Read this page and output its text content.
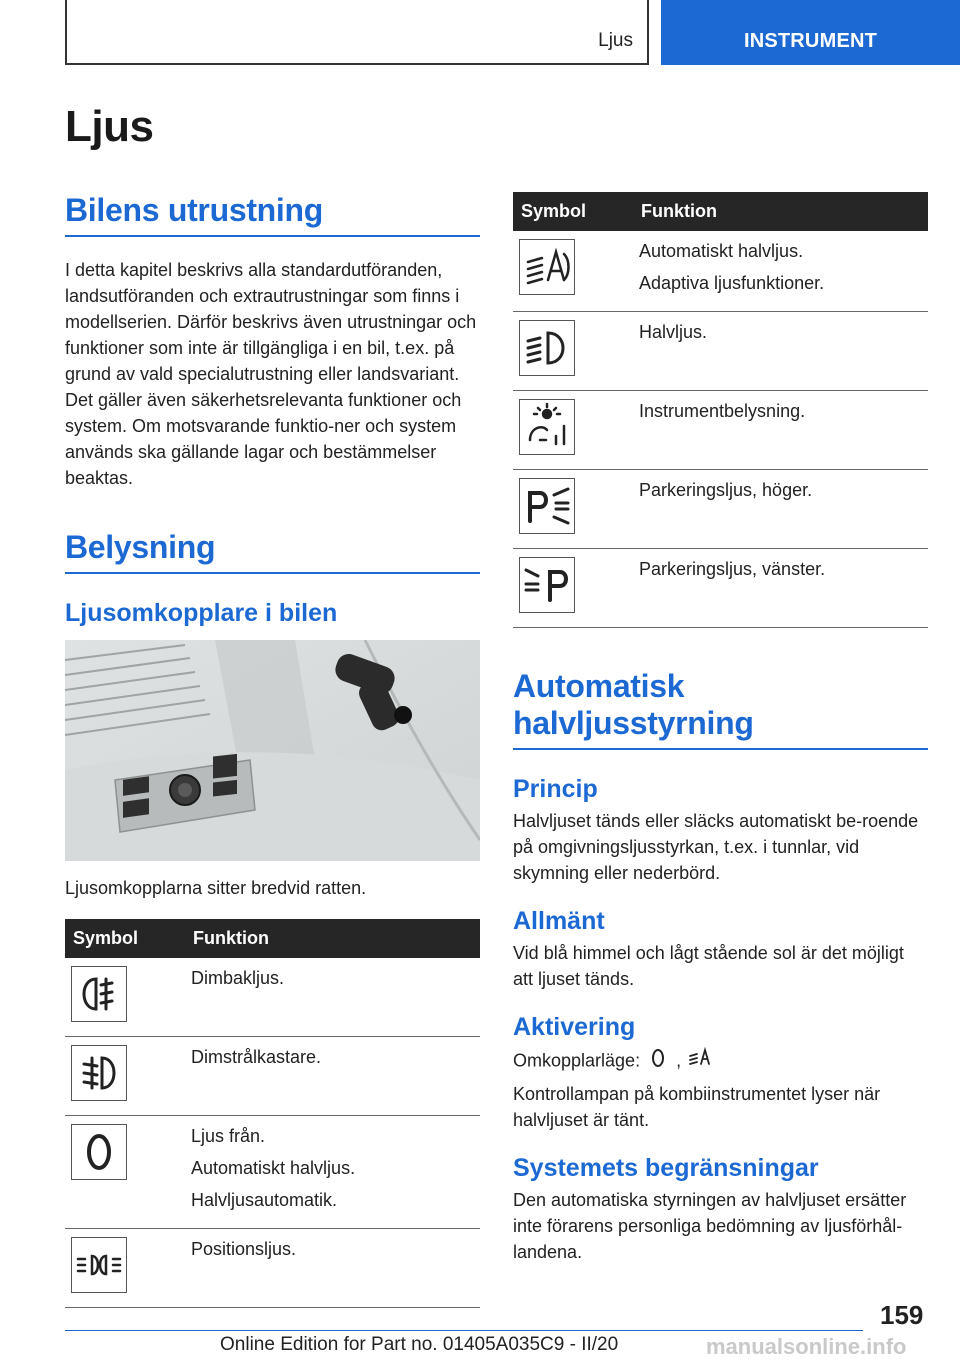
Ljus	INSTRUMENT
Ljus
Bilens utrustning

I detta kapitel beskrivs alla standardutföranden, landsutföranden och extrautrustningar som finns i modellserien. Därför beskrivs även utrustningar och funktioner som inte är tillgängliga i en bil, t.ex. på grund av vald specialutrustning eller landsvariant. Det gäller även säkerhetsrelevanta funktioner och system. Om motsvarande funktio-ner och system används ska gällande lagar och bestämmelser beaktas.

Belysning
Ljusomkopplare i bilen

Ljusomkopplarna sitter bredvid ratten.

Symbol	Funktion

Dimbakljus.

Dimstrålkastare.

Ljus från.
Automatiskt halvljus.
Halvljusautomatik.

Positionsljus.
Symbol	Funktion

Automatiskt halvljus.
Adaptiva ljusfunktioner.

Halvljus.

Instrumentbelysning.

Parkeringsljus, höger.

Parkeringsljus, vänster.
Automatisk halvljusstyrning
Princip

Halvljuset tänds eller släcks automatiskt be-roende på omgivningsljusstyrkan, t.ex. i tunnlar, vid skymning eller nederbörd.

Allmänt

Vid blå himmel och lågt stående sol är det möjligt att ljuset tänds.

Aktivering

Omkopplarläge: ,

Kontrollampan på kombiinstrumentet lyser när halvljuset är tänt.

Systemets begränsningar

Den automatiska styrningen av halvljuset ersätter inte förarens personliga bedömning av ljusförhål-landena.

159
Online Edition for Part no. 01405A035C9 - II/20	manualsonline.info
